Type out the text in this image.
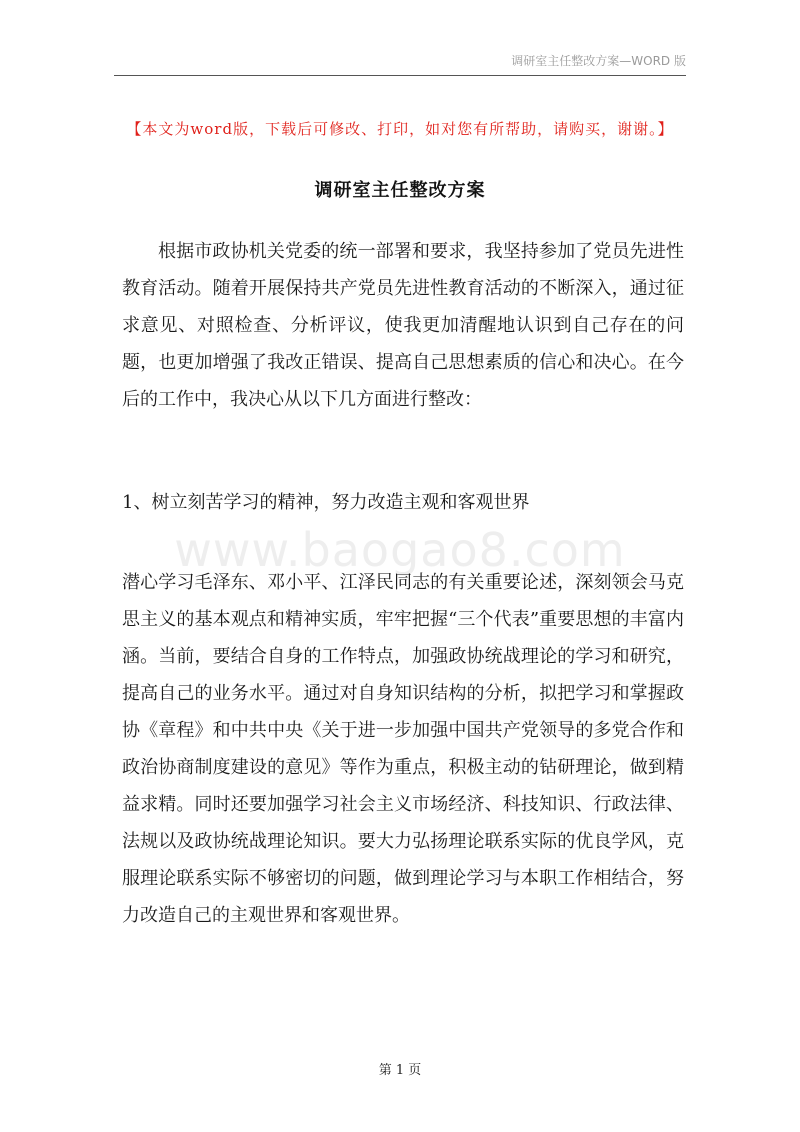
调研室主任整改方案—WORD 版
【本文为word版，下载后可修改、打印，如对您有所帮助，请购买，谢谢。】
调研室主任整改方案
根据市政协机关党委的统一部署和要求，我坚持参加了党员先进性教育活动。随着开展保持共产党员先进性教育活动的不断深入，通过征求意见、对照检查、分析评议，使我更加清醒地认识到自己存在的问题，也更加增强了我改正错误、提高自己思想素质的信心和决心。在今后的工作中，我决心从以下几方面进行整改：
1、树立刻苦学习的精神，努力改造主观和客观世界
www.baogao8.com
潜心学习毛泽东、邓小平、江泽民同志的有关重要论述，深刻领会马克思主义的基本观点和精神实质，牢牢把握“三个代表”重要思想的丰富内涵。当前，要结合自身的工作特点，加强政协统战理论的学习和研究，提高自己的业务水平。通过对自身知识结构的分析，拟把学习和掌握政协《章程》和中共中央《关于进一步加强中国共产党领导的多党合作和政治协商制度建设的意见》等作为重点，积极主动的钻研理论，做到精益求精。同时还要加强学习社会主义市场经济、科技知识、行政法律、法规以及政协统战理论知识。要大力弘扬理论联系实际的优良学风，克服理论联系实际不够密切的问题，做到理论学习与本职工作相结合，努力改造自己的主观世界和客观世界。
第 1 页
